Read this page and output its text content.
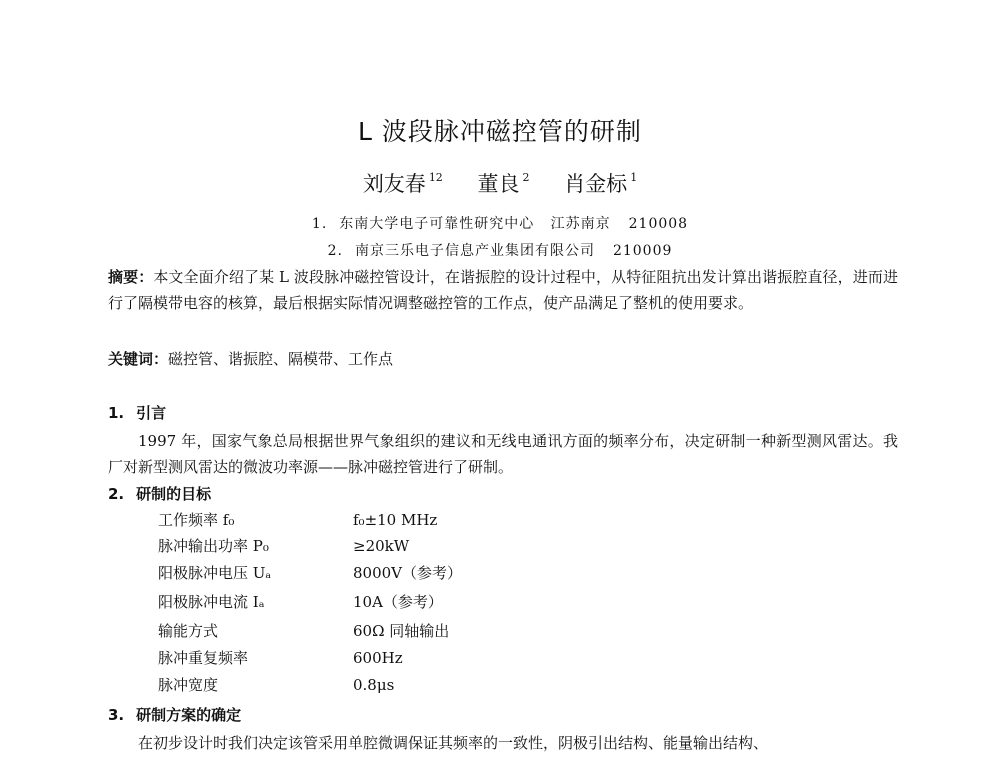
L 波段脉冲磁控管的研制
刘友春 $^{12}$ 董良 $^2$ 肖金标 $^1$
1. 东南大学电子可靠性研究中心 江苏南京 210008
2. 南京三乐电子信息产业集团有限公司 210009
摘要：本文全面介绍了某 L 波段脉冲磁控管设计，在谐振腔的设计过程中，从特征阻抗出发计算出谐振腔直径，进而进行了隔模带电容的核算，最后根据实际情况调整磁控管的工作点，使产品满足了整机的使用要求。
关键词：磁控管、谐振腔、隔模带、工作点
1. 引言
1997 年，国家气象总局根据世界气象组织的建议和无线电通讯方面的频率分布，决定研制一种新型测风雷达。我厂对新型测风雷达的微波功率源——脉冲磁控管进行了研制。
2. 研制的目标
工作频率 f₀	f₀±10 MHz
脉冲输出功率 P₀	≥20kW
阳极脉冲电压 Uₐ	8000V（参考）
阳极脉冲电流 Iₐ	10A（参考）
输能方式	60Ω 同轴输出
脉冲重复频率	600Hz
脉冲宽度	0.8μs
3. 研制方案的确定
在初步设计时我们决定该管采用单腔微调保证其频率的一致性，阴极引出结构、能量输出结构、
